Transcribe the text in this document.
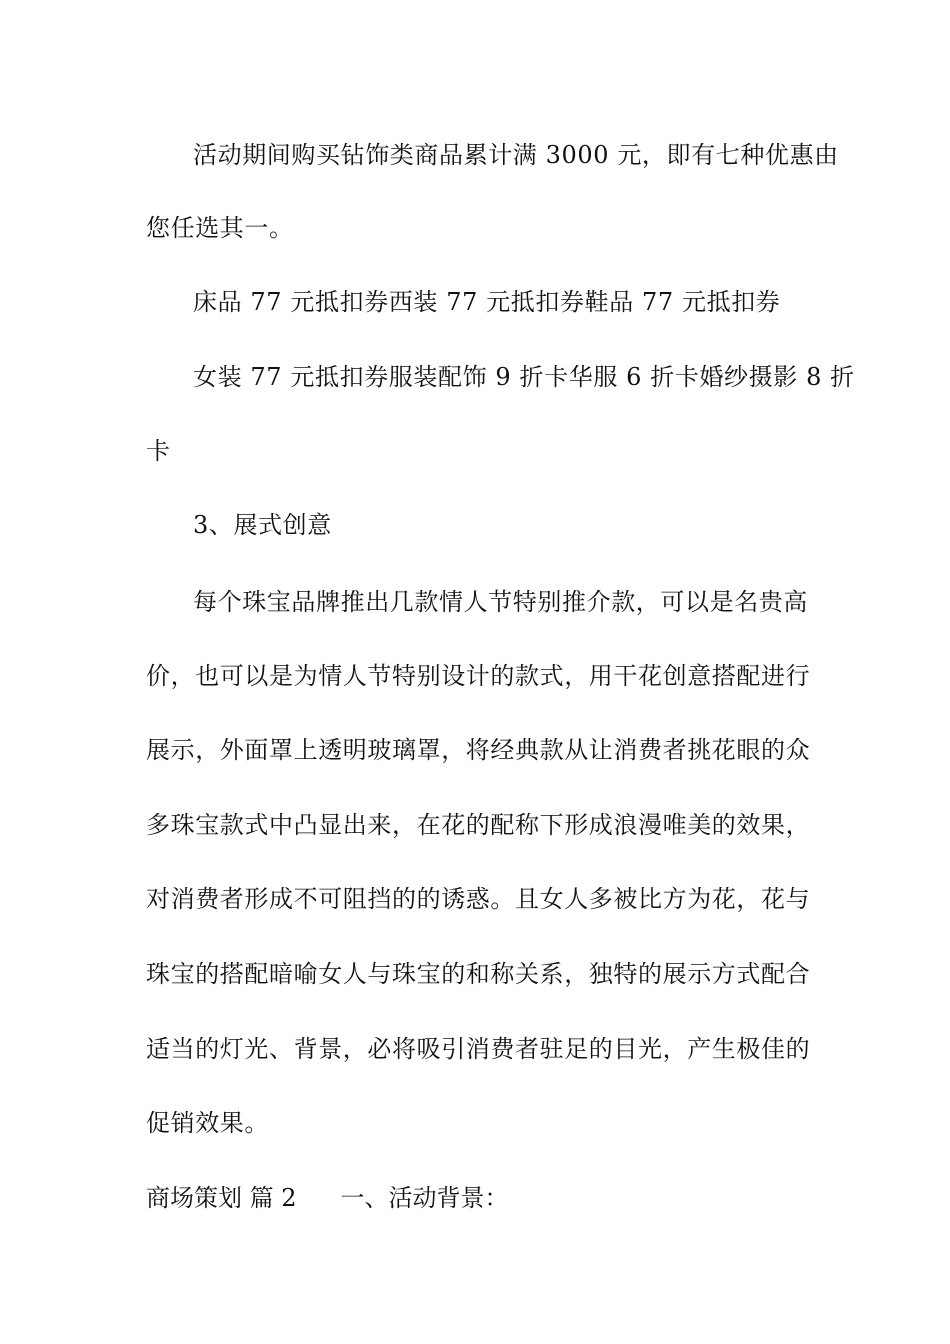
活动期间购买钻饰类商品累计满 3000 元，即有七种优惠由
您任选其一。
床品 77 元抵扣券西装 77 元抵扣券鞋品 77 元抵扣券
女装 77 元抵扣券服装配饰 9 折卡华服 6 折卡婚纱摄影 8 折
卡
3、展式创意
每个珠宝品牌推出几款情人节特别推介款，可以是名贵高
价，也可以是为情人节特别设计的款式，用干花创意搭配进行
展示，外面罩上透明玻璃罩，将经典款从让消费者挑花眼的众
多珠宝款式中凸显出来，在花的配称下形成浪漫唯美的效果，
对消费者形成不可阻挡的的诱惑。且女人多被比方为花，花与
珠宝的搭配暗喻女人与珠宝的和称关系，独特的展示方式配合
适当的灯光、背景，必将吸引消费者驻足的目光，产生极佳的
促销效果。
商场策划 篇 2 一、活动背景：
